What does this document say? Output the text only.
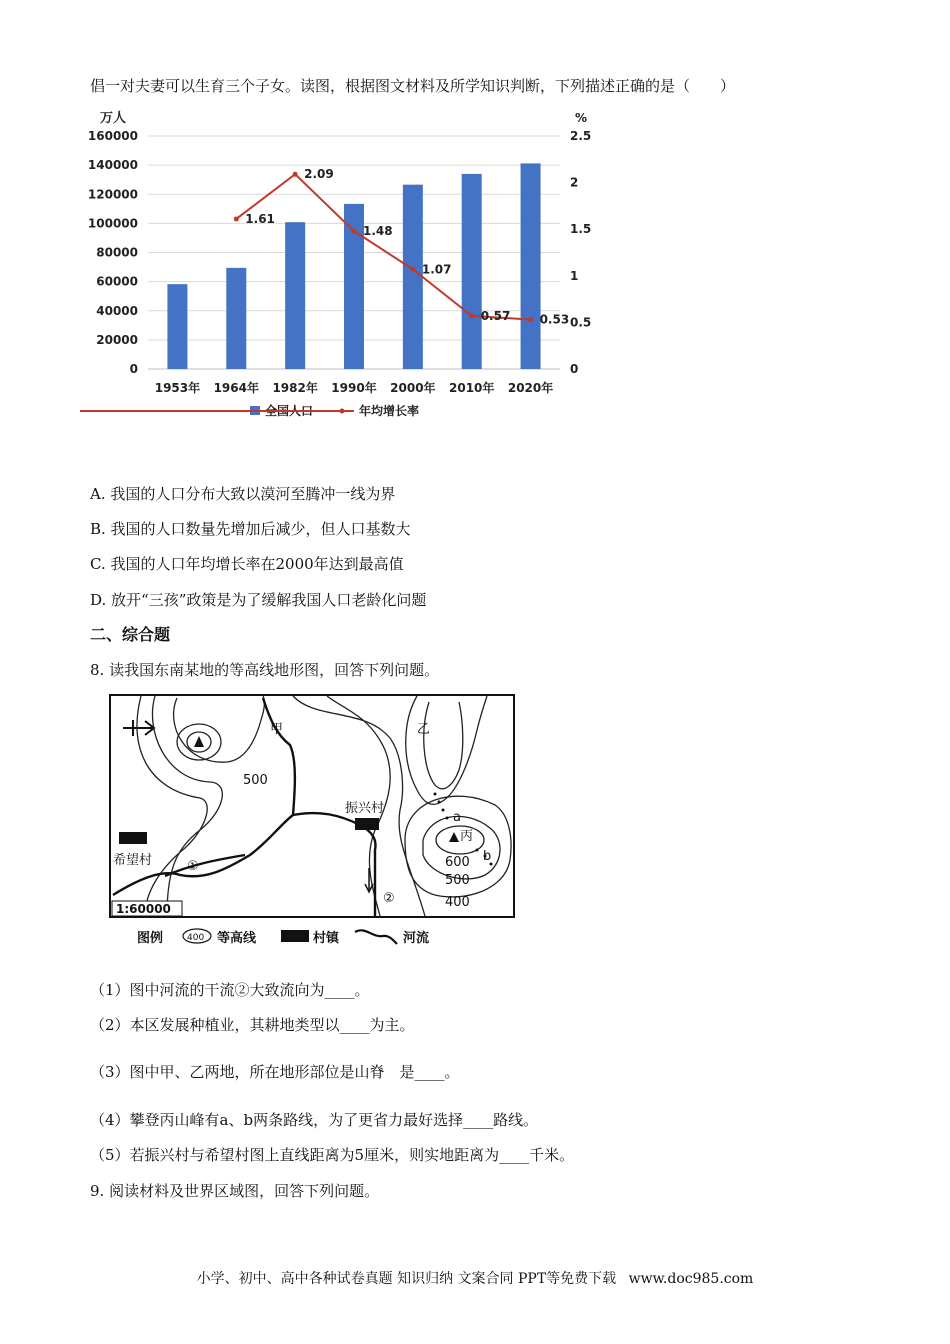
倡一对夫妻可以生育三个子女。读图，根据图文材料及所学知识判断，下列描述正确的是（　　）
万人	%
0
20000
40000
60000
80000
100000
120000
140000
160000
0
0.5
1
1.5
2
2.5
1.61
2.09
1.48
1.07
0.57 0.53
1953年 1964年 1982年 1990年 2000年 2010年 2020年
全国人口	年均增长率
A. 我国的人口分布大致以漠河至腾冲一线为界
B. 我国的人口数量先增加后减少，但人口基数大
C. 我国的人口年均增长率在2000年达到最高值
D. 放开“三孩”政策是为了缓解我国人口老龄化问题
二、综合题
8. 读我国东南某地的等高线地形图，回答下列问题。
甲	乙
丙
a
b
500
600
500
400
振兴村
希望村	①
②
1:60000
图例	400 等高线	村镇	河流
（1）图中河流的干流②大致流向为____。
（2）本区发展种植业，其耕地类型以____为主。
（3）图中甲、乙两地，所在地形部位是山脊　是____。
（4）攀登丙山峰有a、b两条路线，为了更省力最好选择____路线。
（5）若振兴村与希望村图上直线距离为5厘米，则实地距离为____千米。
9. 阅读材料及世界区域图，回答下列问题。
小学、初中、高中各种试卷真题 知识归纳 文案合同 PPT等免费下载 www.doc985.com
